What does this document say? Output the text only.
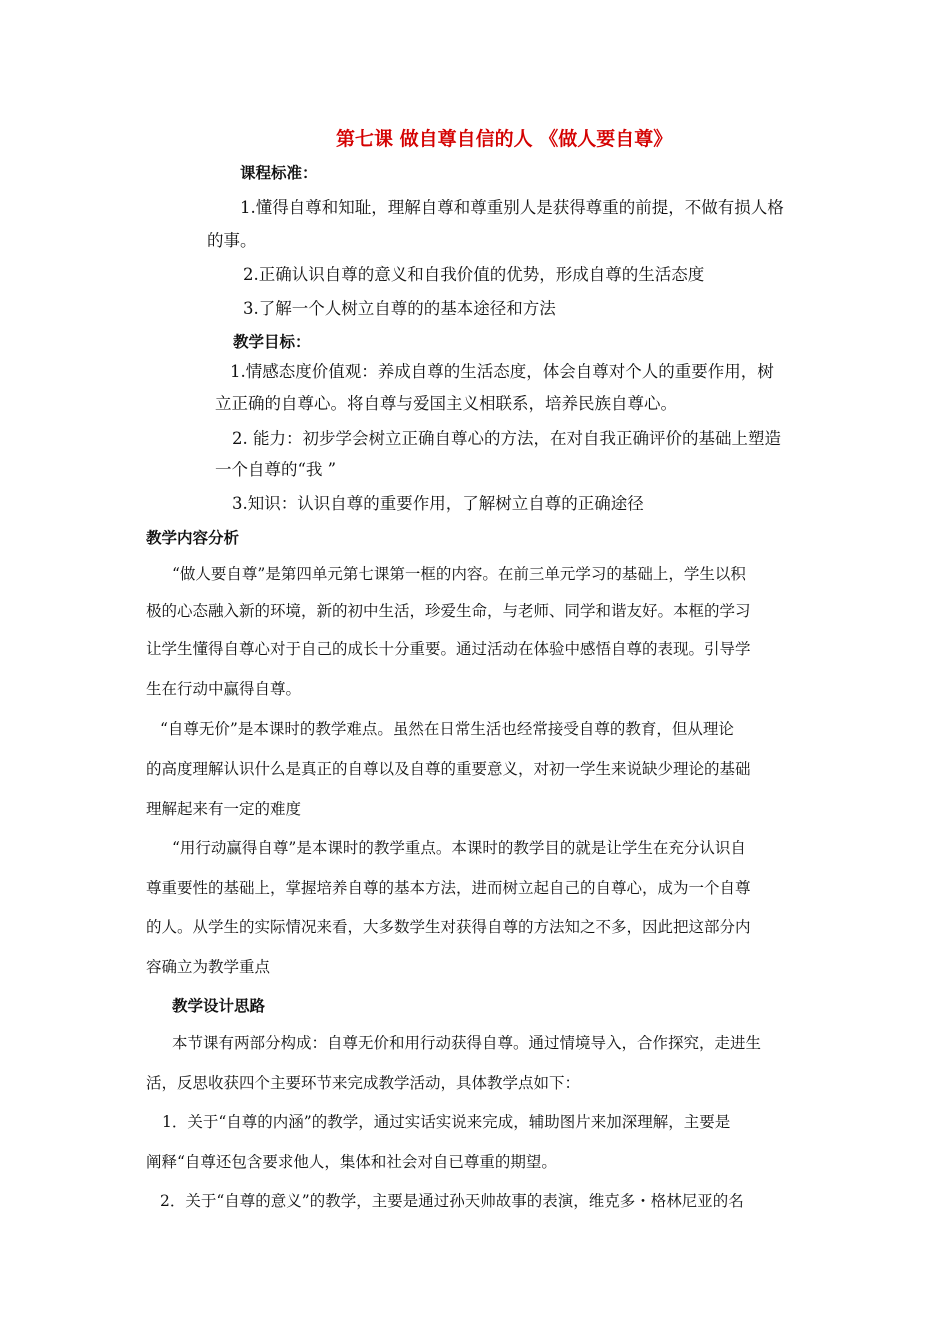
第七课 做自尊自信的人 《做人要自尊》
课程标准：
1.懂得自尊和知耻，理解自尊和尊重别人是获得尊重的前提，不做有损人格
的事。
2.正确认识自尊的意义和自我价值的优势，形成自尊的生活态度
3.了解一个人树立自尊的的基本途径和方法
教学目标：
1.情感态度价值观：养成自尊的生活态度，体会自尊对个人的重要作用，树
立正确的自尊心。将自尊与爱国主义相联系，培养民族自尊心。
2. 能力：初步学会树立正确自尊心的方法，在对自我正确评价的基础上塑造
一个自尊的“我 ”
3.知识：认识自尊的重要作用，了解树立自尊的正确途径
教学内容分析
“做人要自尊”是第四单元第七课第一框的内容。在前三单元学习的基础上，学生以积
极的心态融入新的环境，新的初中生活，珍爱生命，与老师、同学和谐友好。本框的学习
让学生懂得自尊心对于自己的成长十分重要。通过活动在体验中感悟自尊的表现。引导学
生在行动中赢得自尊。
“自尊无价”是本课时的教学难点。虽然在日常生活也经常接受自尊的教育，但从理论
的高度理解认识什么是真正的自尊以及自尊的重要意义，对初一学生来说缺少理论的基础
理解起来有一定的难度
“用行动赢得自尊”是本课时的教学重点。本课时的教学目的就是让学生在充分认识自
尊重要性的基础上，掌握培养自尊的基本方法，进而树立起自己的自尊心，成为一个自尊
的人。从学生的实际情况来看，大多数学生对获得自尊的方法知之不多，因此把这部分内
容确立为教学重点
教学设计思路
本节课有两部分构成：自尊无价和用行动获得自尊。通过情境导入，合作探究，走进生
活，反思收获四个主要环节来完成教学活动，具体教学点如下：
1．关于“自尊的内涵”的教学，通过实话实说来完成，辅助图片来加深理解，主要是
阐释“自尊还包含要求他人，集体和社会对自已尊重的期望。
2．关于“自尊的意义”的教学，主要是通过孙天帅故事的表演，维克多・格林尼亚的名
